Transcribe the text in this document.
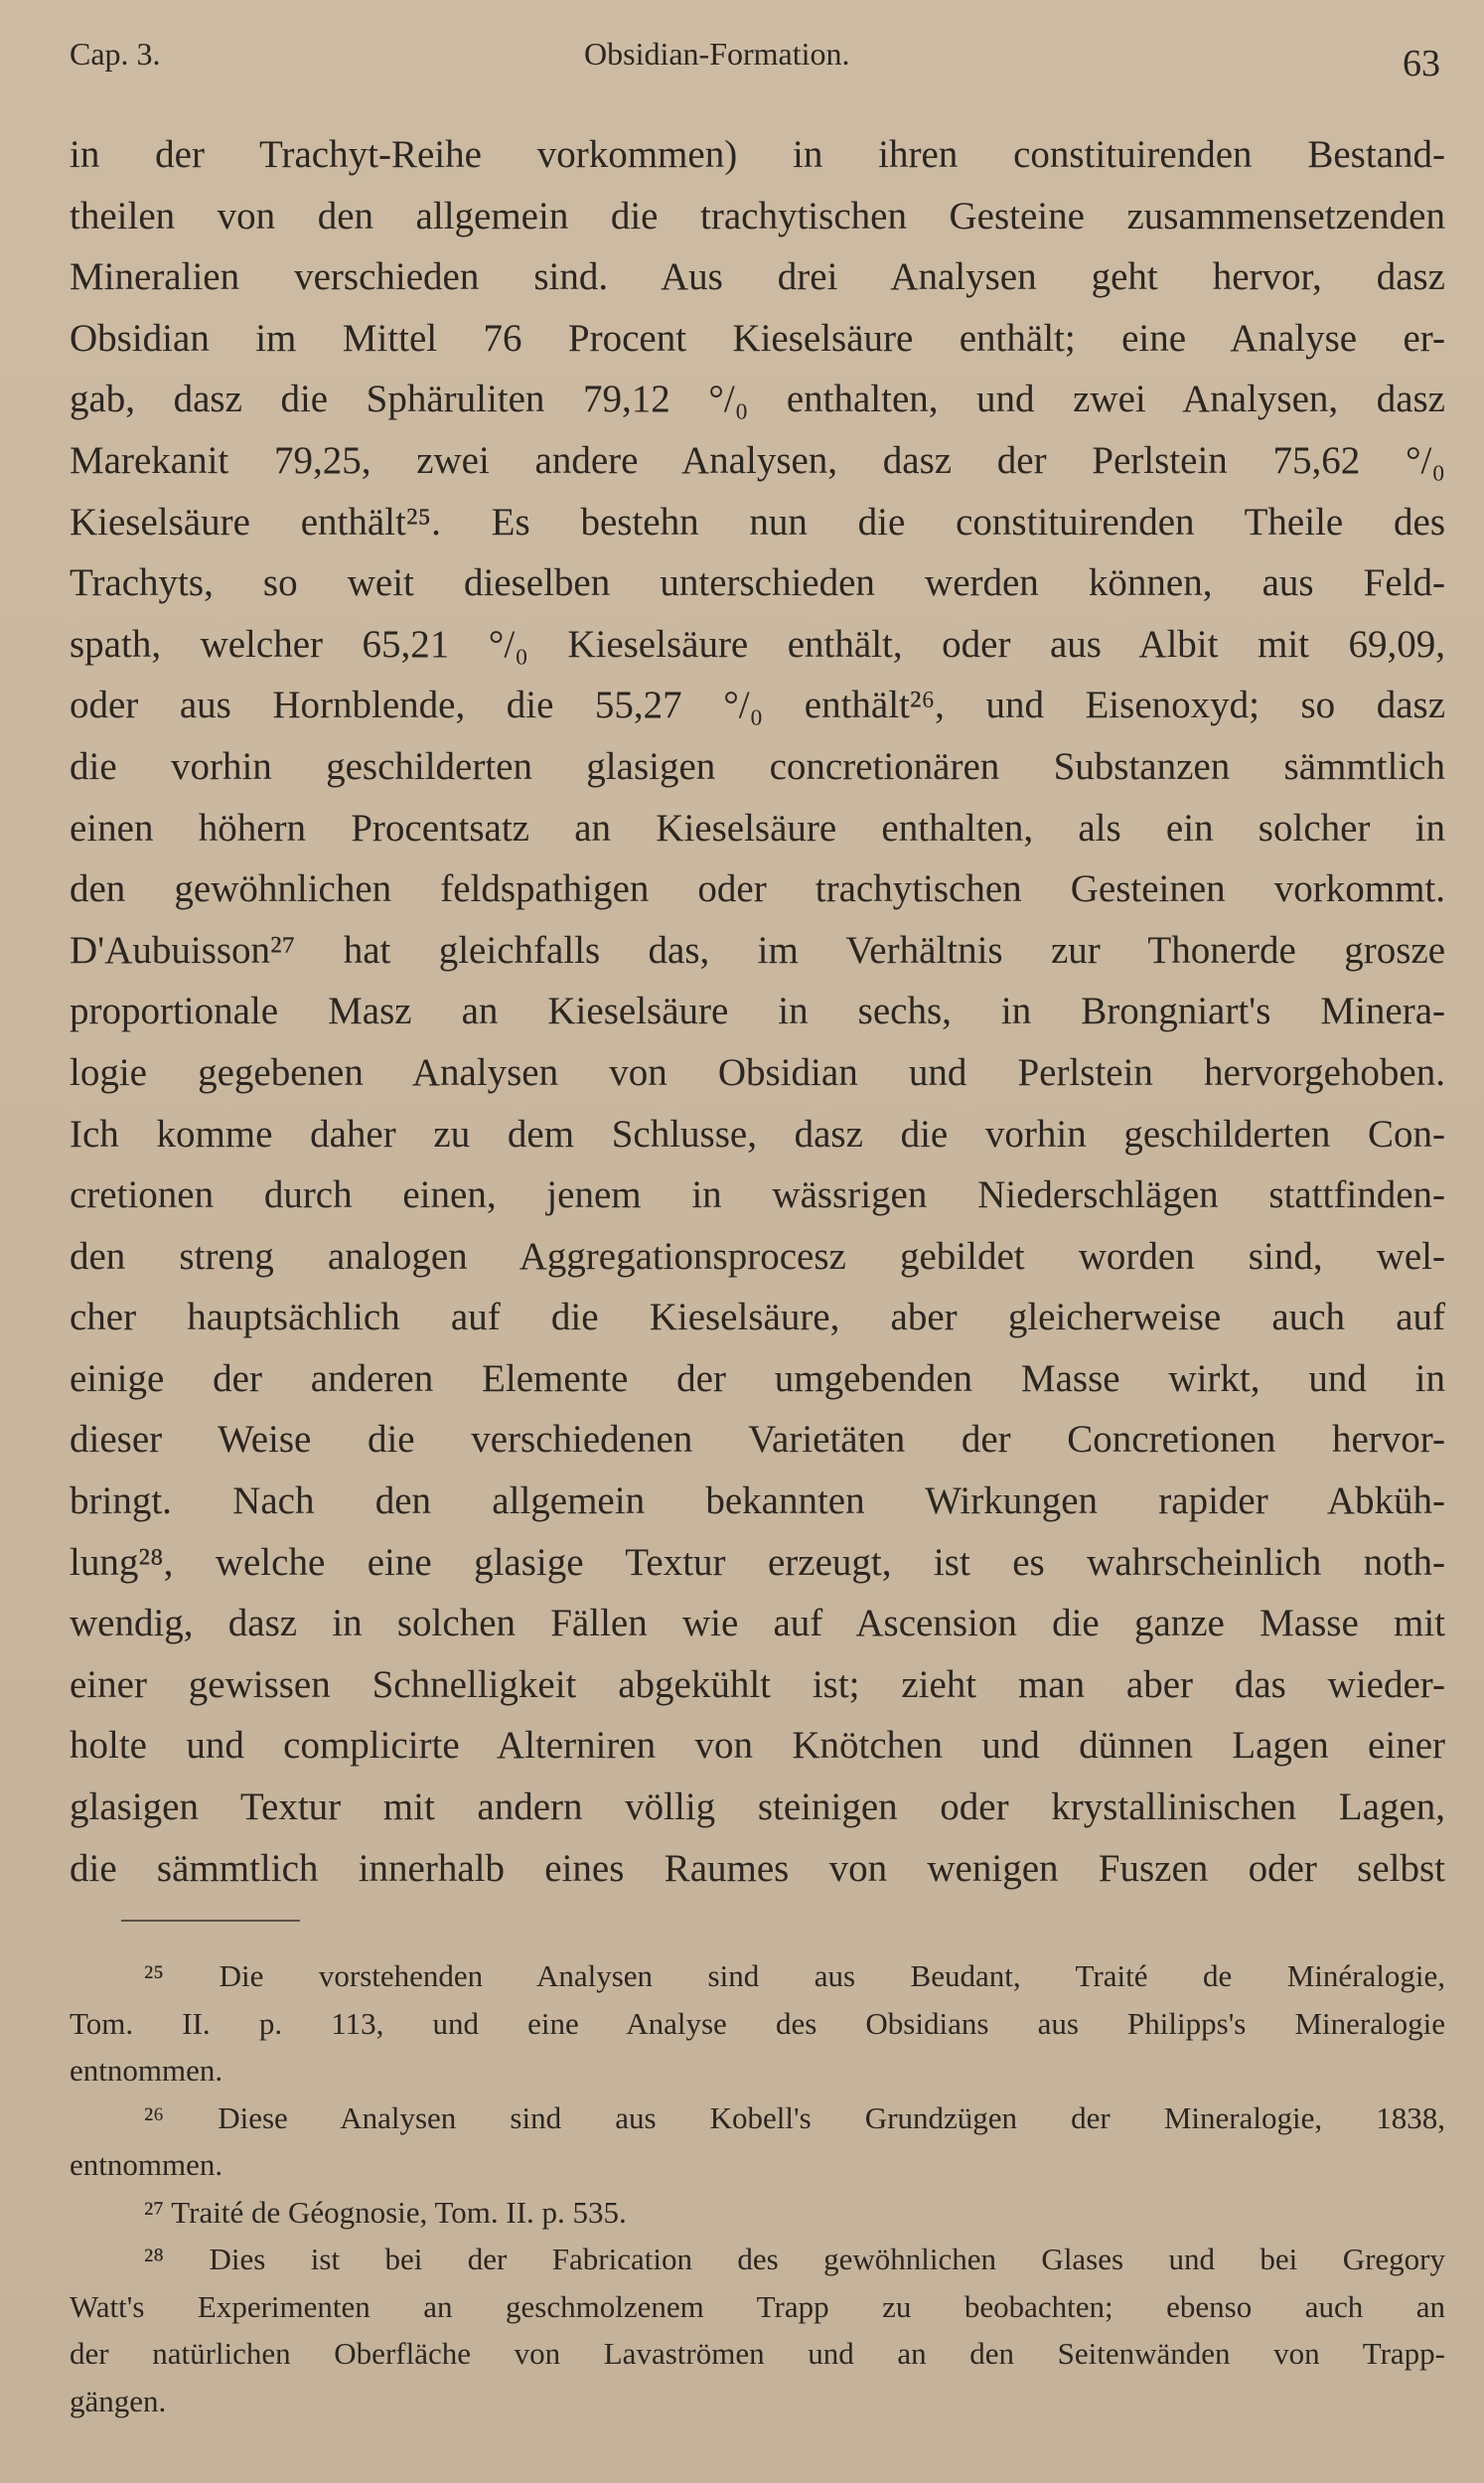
Cap. 3.	Obsidian-Formation.	63
in der Trachyt-Reihe vorkommen) in ihren constituirenden Bestand-
theilen von den allgemein die trachytischen Gesteine zusammensetzenden
Mineralien verschieden sind. Aus drei Analysen geht hervor, dasz
Obsidian im Mittel 76 Procent Kieselsäure enthält; eine Analyse er-
gab, dasz die Sphäruliten 79,12 °/₀ enthalten, und zwei Analysen, dasz
Marekanit 79,25, zwei andere Analysen, dasz der Perlstein 75,62 °/₀
Kieselsäure enthält²⁵. Es bestehn nun die constituirenden Theile des
Trachyts, so weit dieselben unterschieden werden können, aus Feld-
spath, welcher 65,21 °/₀ Kieselsäure enthält, oder aus Albit mit 69,09,
oder aus Hornblende, die 55,27 °/₀ enthält²⁶, und Eisenoxyd; so dasz
die vorhin geschilderten glasigen concretionären Substanzen sämmtlich
einen höhern Procentsatz an Kieselsäure enthalten, als ein solcher in
den gewöhnlichen feldspathigen oder trachytischen Gesteinen vorkommt.
D'Aubuisson²⁷ hat gleichfalls das, im Verhältnis zur Thonerde grosze
proportionale Masz an Kieselsäure in sechs, in Brongniart's Minera-
logie gegebenen Analysen von Obsidian und Perlstein hervorgehoben.
Ich komme daher zu dem Schlusse, dasz die vorhin geschilderten Con-
cretionen durch einen, jenem in wässrigen Niederschlägen stattfinden-
den streng analogen Aggregationsprocesz gebildet worden sind, wel-
cher hauptsächlich auf die Kieselsäure, aber gleicherweise auch auf
einige der anderen Elemente der umgebenden Masse wirkt, und in
dieser Weise die verschiedenen Varietäten der Concretionen hervor-
bringt. Nach den allgemein bekannten Wirkungen rapider Abküh-
lung²⁸, welche eine glasige Textur erzeugt, ist es wahrscheinlich noth-
wendig, dasz in solchen Fällen wie auf Ascension die ganze Masse mit
einer gewissen Schnelligkeit abgekühlt ist; zieht man aber das wieder-
holte und complicirte Alterniren von Knötchen und dünnen Lagen einer
glasigen Textur mit andern völlig steinigen oder krystallinischen Lagen,
die sämmtlich innerhalb eines Raumes von wenigen Fuszen oder selbst
²⁵ Die vorstehenden Analysen sind aus Beudant, Traité de Minéralogie,
Tom. II. p. 113, und eine Analyse des Obsidians aus Philipps's Mineralogie
entnommen.
²⁶ Diese Analysen sind aus Kobell's Grundzügen der Mineralogie, 1838,
entnommen.
²⁷ Traité de Géognosie, Tom. II. p. 535.
²⁸ Dies ist bei der Fabrication des gewöhnlichen Glases und bei Gregory
Watt's Experimenten an geschmolzenem Trapp zu beobachten; ebenso auch an
der natürlichen Oberfläche von Lavaströmen und an den Seitenwänden von Trapp-
gängen.
